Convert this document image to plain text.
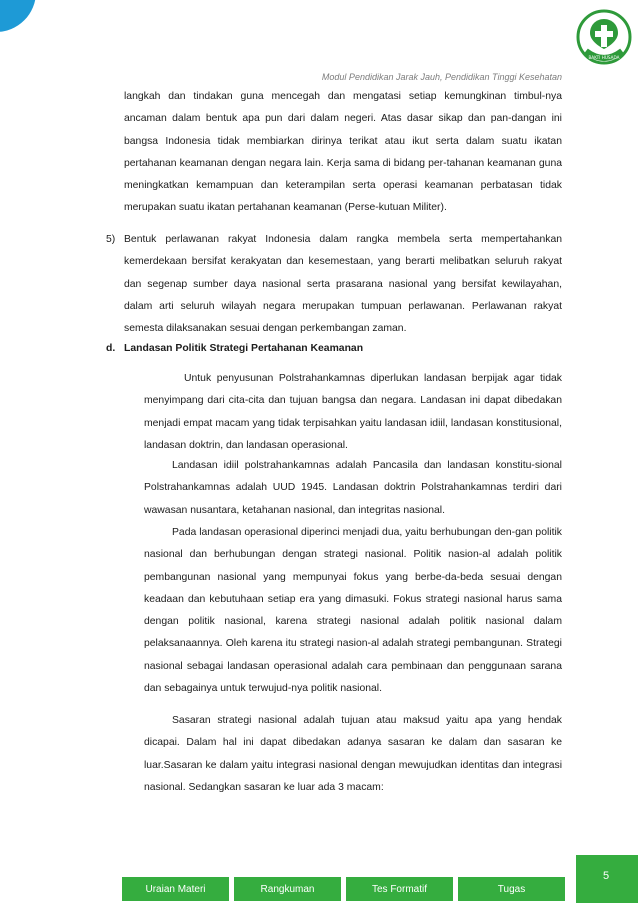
BAKTI HUSADA
Modul Pendidikan Jarak Jauh, Pendidikan Tinggi Kesehatan

langkah dan tindakan guna mencegah dan mengatasi setiap kemungkinan timbul-nya ancaman dalam bentuk apa pun dari dalam negeri. Atas dasar sikap dan pan-dangan ini bangsa Indonesia tidak membiarkan dirinya terikat atau ikut serta dalam suatu ikatan pertahanan keamanan dengan negara lain. Kerja sama di bidang per-tahanan keamanan guna meningkatkan kemampuan dan keterampilan serta operasi keamanan perbatasan tidak merupakan suatu ikatan pertahanan keamanan (Perse-kutuan Militer).

5) Bentuk perlawanan rakyat Indonesia dalam rangka membela serta mempertahankan kemerdekaan bersifat kerakyatan dan kesemestaan, yang berarti melibatkan seluruh rakyat dan segenap sumber daya nasional serta prasarana nasional yang bersifat kewilayahan, dalam arti seluruh wilayah negara merupakan tumpuan perlawanan. Perlawanan rakyat semesta dilaksanakan sesuai dengan perkembangan zaman.

d. Landasan Politik Strategi Pertahanan Keamanan

Untuk penyusunan Polstrahankamnas diperlukan landasan berpijak agar tidak menyimpang dari cita-cita dan tujuan bangsa dan negara. Landasan ini dapat dibedakan menjadi empat macam yang tidak terpisahkan yaitu landasan idiil, landasan konstitusional, landasan doktrin, dan landasan operasional.

Landasan idiil polstrahankamnas adalah Pancasila dan landasan konstitu-sional Polstrahankamnas adalah UUD 1945. Landasan doktrin Polstrahankamnas terdiri dari wawasan nusantara, ketahanan nasional, dan integritas nasional.

Pada landasan operasional diperinci menjadi dua, yaitu berhubungan den-gan politik nasional dan berhubungan dengan strategi nasional. Politik nasion-al adalah politik pembangunan nasional yang mempunyai fokus yang berbe-da-beda sesuai dengan keadaan dan kebutuhaan setiap era yang dimasuki. Fokus strategi nasional harus sama dengan politik nasional, karena strategi nasional adalah politik nasional dalam pelaksanaannya. Oleh karena itu strategi nasion-al adalah strategi pembangunan. Strategi nasional sebagai landasan operasional adalah cara pembinaan dan penggunaan sarana dan sebagainya untuk terwujud-nya politik nasional.

Sasaran strategi nasional adalah tujuan atau maksud yaitu apa yang hendak dicapai. Dalam hal ini dapat dibedakan adanya sasaran ke dalam dan sasaran ke luar.Sasaran ke dalam yaitu integrasi nasional dengan mewujudkan identitas dan integrasi nasional. Sedangkan sasaran ke luar ada 3 macam:

5
Uraian Materi	Rangkuman	Tes Formatif	Tugas
